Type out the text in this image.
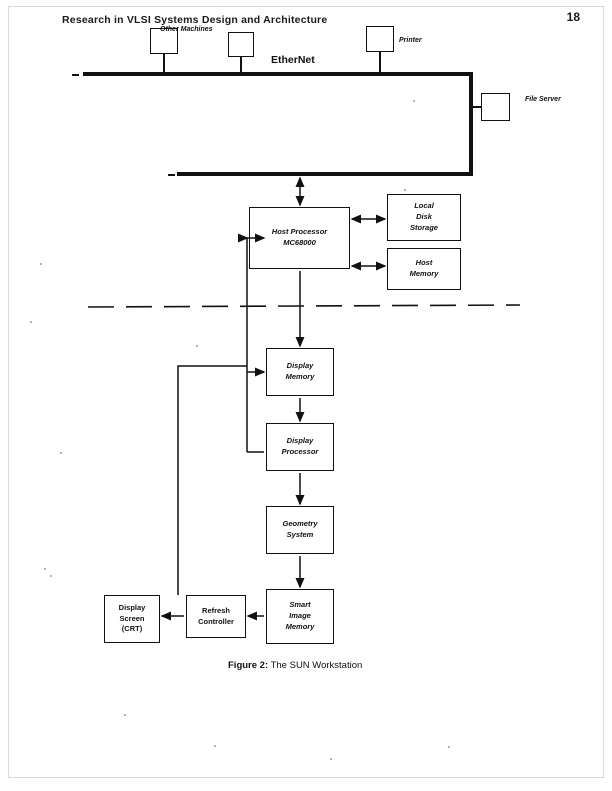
Research in VLSI Systems Design and Architecture	18
Other Machines
Printer
File Server
EtherNet
Host Processor
MC68000
Local
Disk
Storage
Host
Memory
Display
Memory
Display
Processor
Geometry
System
Smart
Image
Memory
Refresh
Controller
Display
Screen
(CRT)
Figure 2: The SUN Workstation
